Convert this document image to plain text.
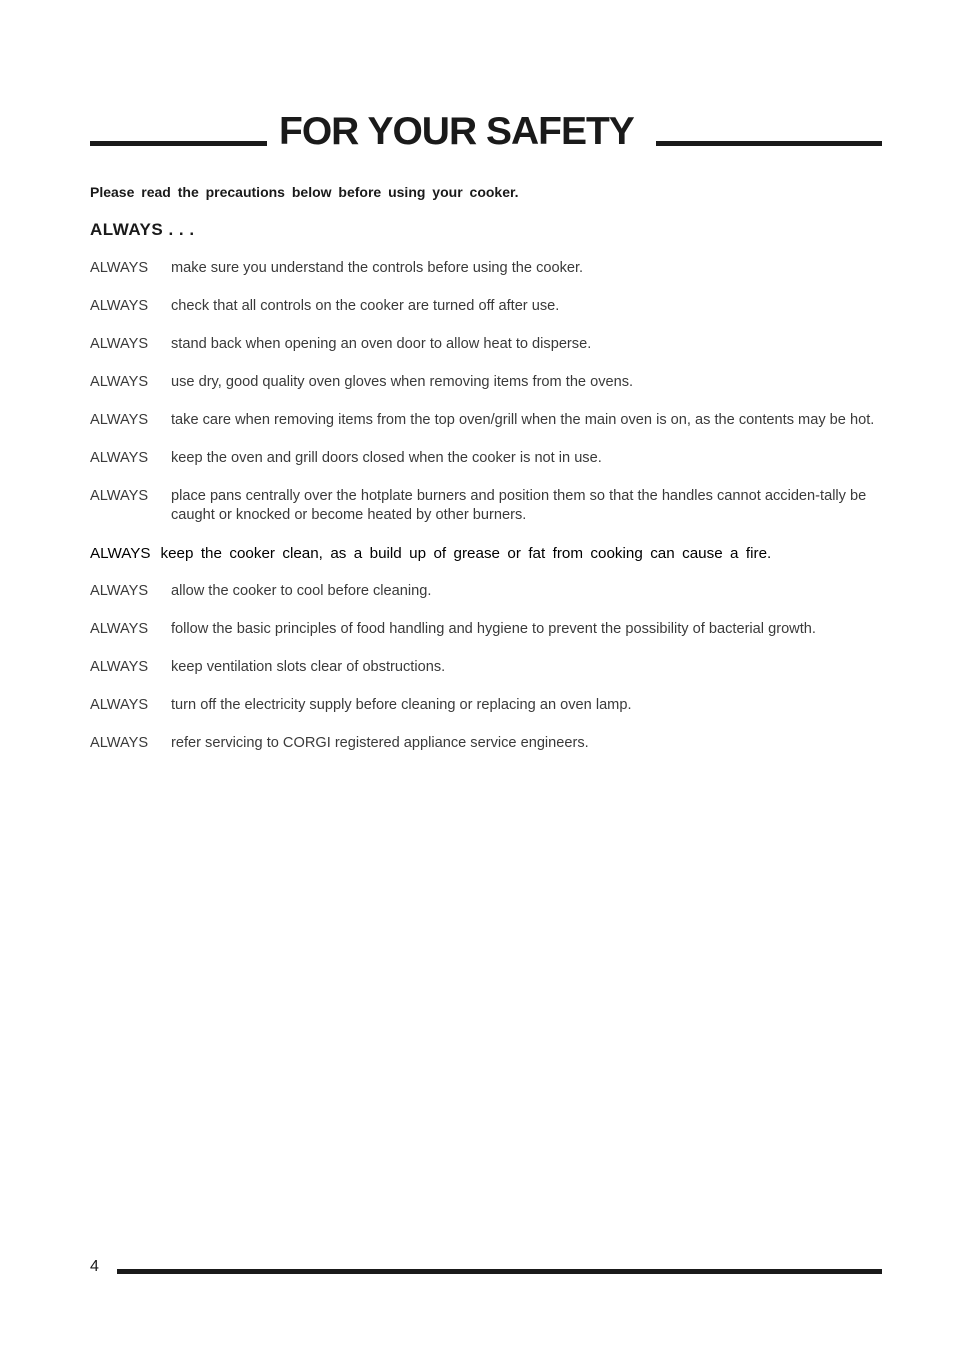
FOR YOUR SAFETY

Please read the precautions below before using your cooker.

ALWAYS . . .
ALWAYS	make sure you understand the controls before using the cooker.
ALWAYS	check that all controls on the cooker are turned off after use.
ALWAYS	stand back when opening an oven door to allow heat to disperse.
ALWAYS	use dry, good quality oven gloves when removing items from the ovens.
ALWAYS	take care when removing items from the top oven/grill when the main oven is on, as the contents may be hot.
ALWAYS	keep the oven and grill doors closed when the cooker is not in use.
ALWAYS	place pans centrally over the hotplate burners and position them so that the handles cannot acciden-tally be caught or knocked or become heated by other burners.
ALWAYS keep the cooker clean, as a build up of grease or fat from cooking can cause a fire.
ALWAYS	allow the cooker to cool before cleaning.
ALWAYS	follow the basic principles of food handling and hygiene to prevent the possibility of bacterial growth.
ALWAYS	keep ventilation slots clear of obstructions.
ALWAYS	turn off the electricity supply before cleaning or replacing an oven lamp.
ALWAYS	refer servicing to CORGI registered appliance service engineers.
4
